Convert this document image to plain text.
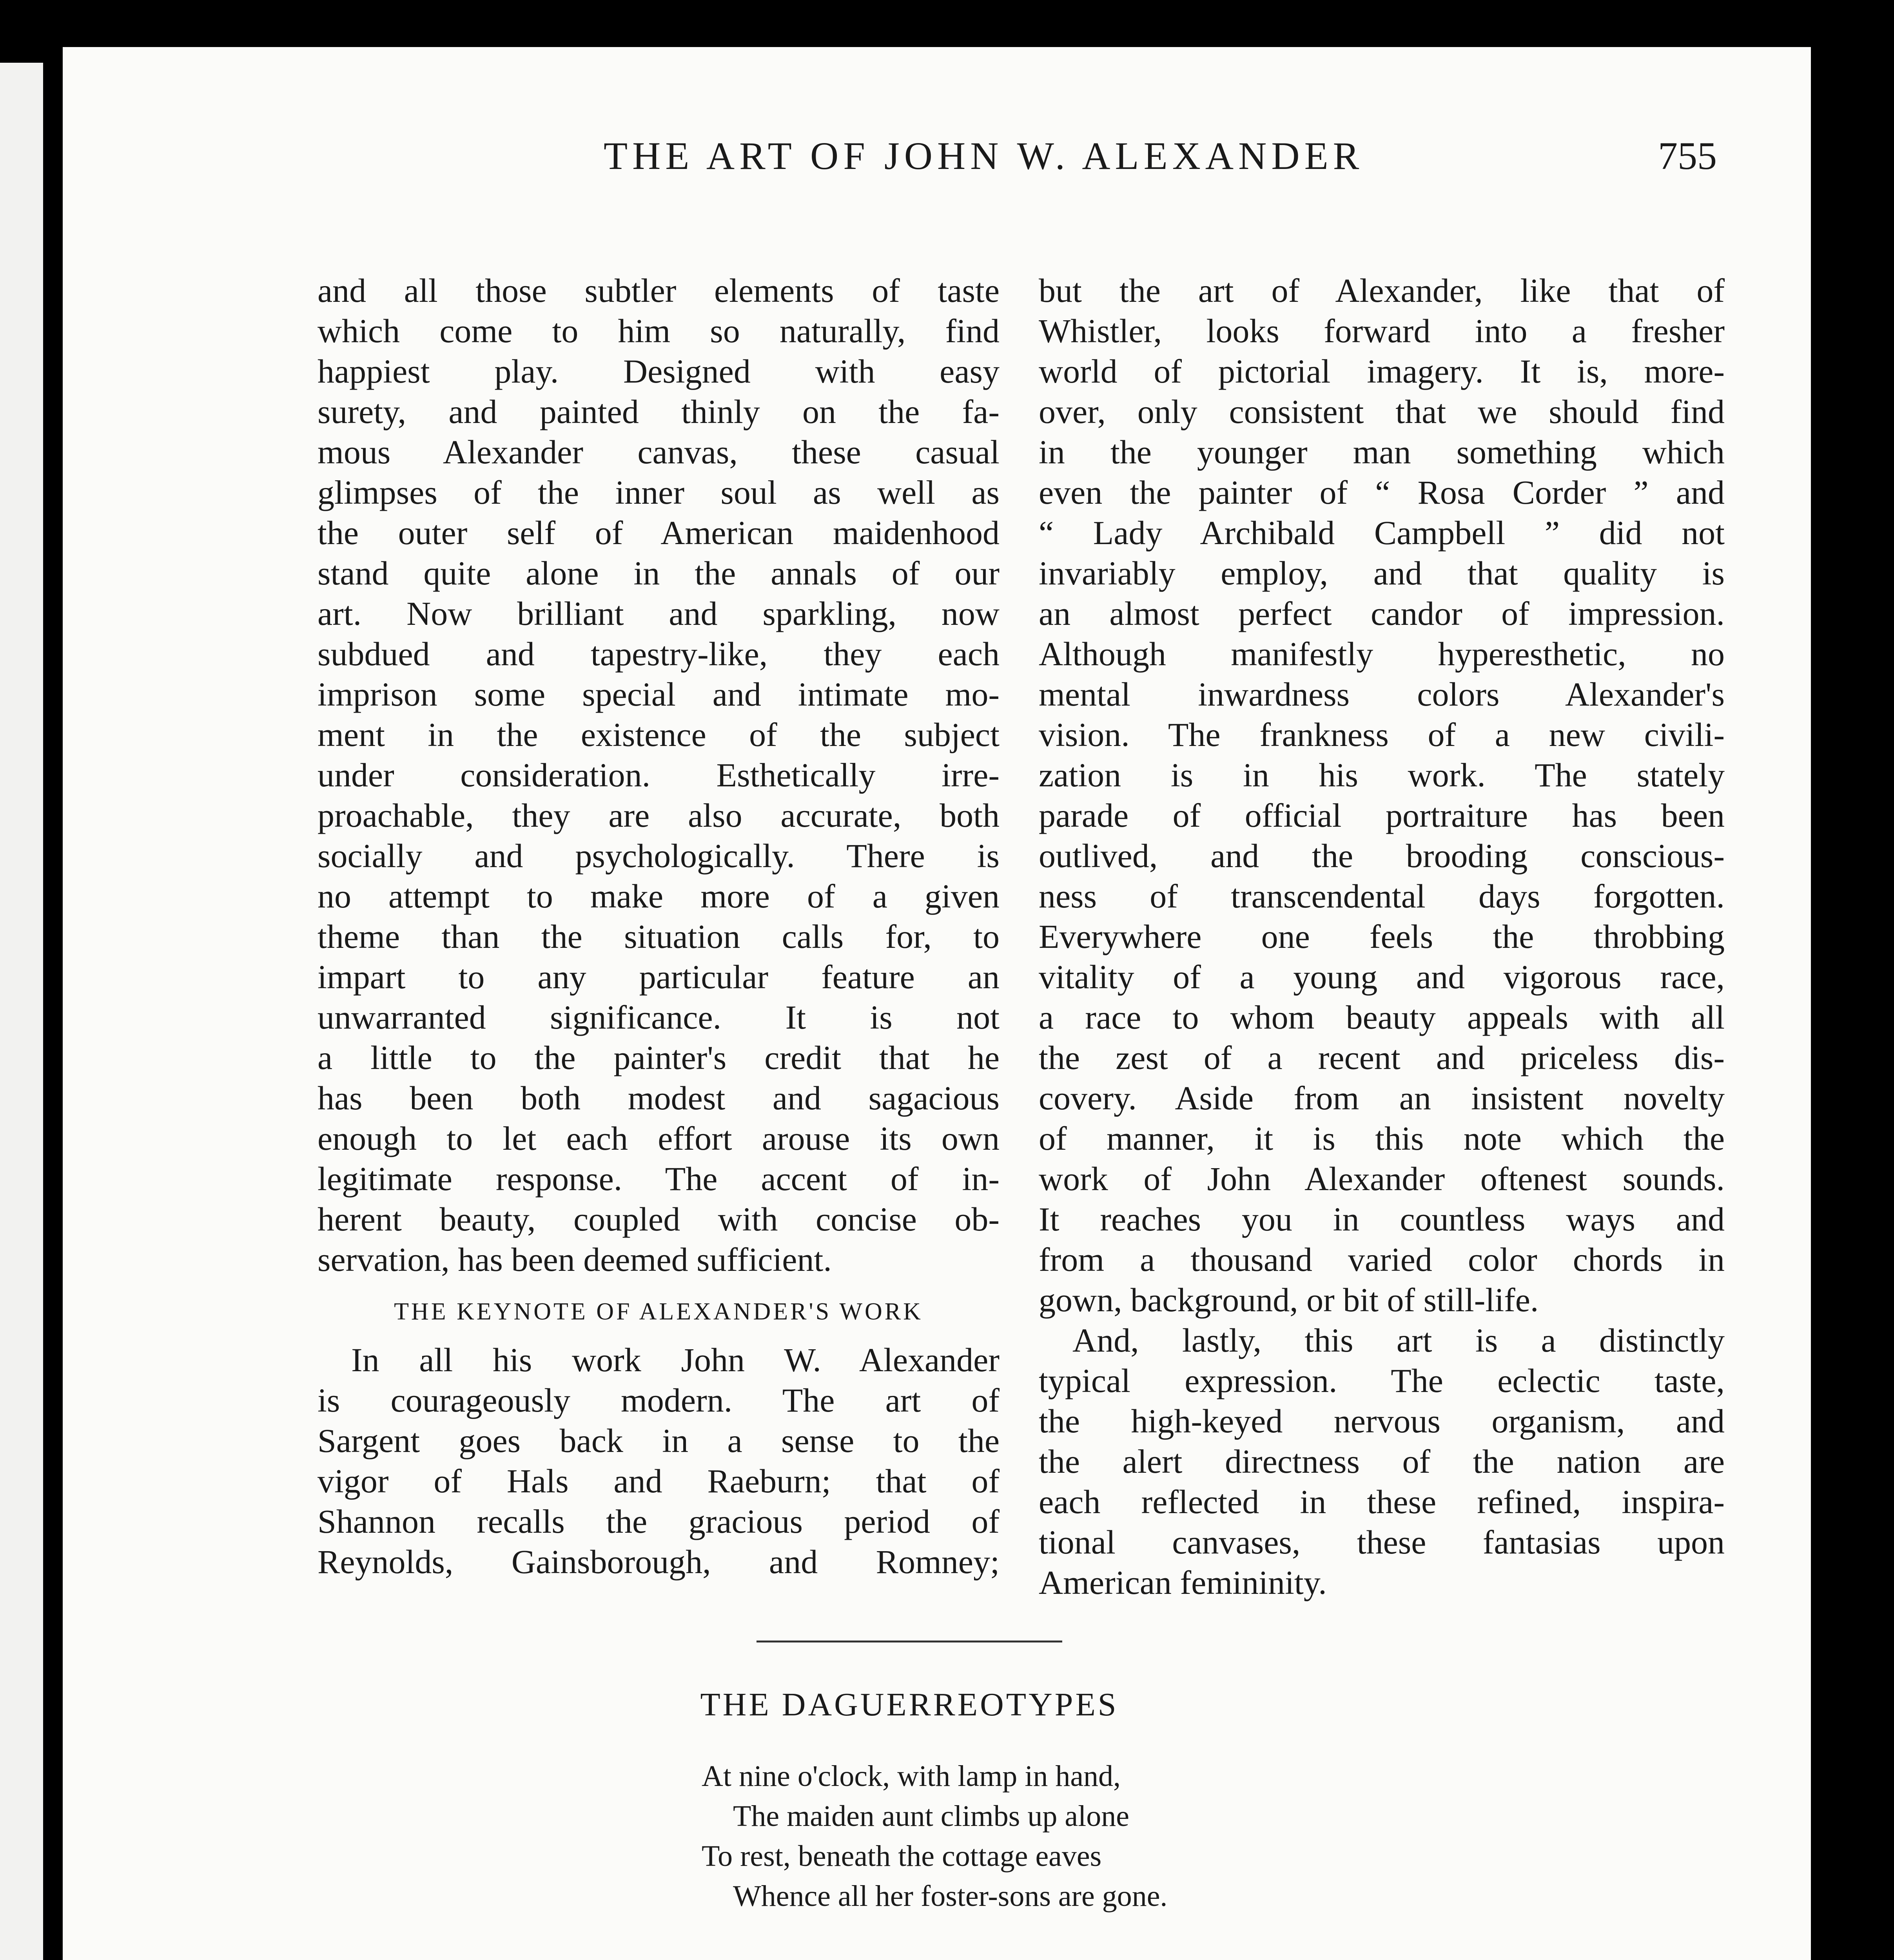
THE ART OF JOHN W. ALEXANDER	755
and all those subtler elements of taste
which come to him so naturally, find
happiest play. Designed with easy
surety, and painted thinly on the fa-
mous Alexander canvas, these casual
glimpses of the inner soul as well as
the outer self of American maidenhood
stand quite alone in the annals of our
art. Now brilliant and sparkling, now
subdued and tapestry-like, they each
imprison some special and intimate mo-
ment in the existence of the subject
under consideration. Esthetically irre-
proachable, they are also accurate, both
socially and psychologically. There is
no attempt to make more of a given
theme than the situation calls for, to
impart to any particular feature an
unwarranted significance. It is not
a little to the painter's credit that he
has been both modest and sagacious
enough to let each effort arouse its own
legitimate response. The accent of in-
herent beauty, coupled with concise ob-
servation, has been deemed sufficient.
THE KEYNOTE OF ALEXANDER'S WORK
In all his work John W. Alexander
is courageously modern. The art of
Sargent goes back in a sense to the
vigor of Hals and Raeburn; that of
Shannon recalls the gracious period of
Reynolds, Gainsborough, and Romney;
but the art of Alexander, like that of
Whistler, looks forward into a fresher
world of pictorial imagery. It is, more-
over, only consistent that we should find
in the younger man something which
even the painter of “ Rosa Corder ” and
“ Lady Archibald Campbell ” did not
invariably employ, and that quality is
an almost perfect candor of impression.
Although manifestly hyperesthetic, no
mental inwardness colors Alexander's
vision. The frankness of a new civili-
zation is in his work. The stately
parade of official portraiture has been
outlived, and the brooding conscious-
ness of transcendental days forgotten.
Everywhere one feels the throbbing
vitality of a young and vigorous race,
a race to whom beauty appeals with all
the zest of a recent and priceless dis-
covery. Aside from an insistent novelty
of manner, it is this note which the
work of John Alexander oftenest sounds.
It reaches you in countless ways and
from a thousand varied color chords in
gown, background, or bit of still-life.
And, lastly, this art is a distinctly
typical expression. The eclectic taste,
the high-keyed nervous organism, and
the alert directness of the nation are
each reflected in these refined, inspira-
tional canvases, these fantasias upon
American femininity.
THE DAGUERREOTYPES
At nine o'clock, with lamp in hand,
The maiden aunt climbs up alone
To rest, beneath the cottage eaves
Whence all her foster-sons are gone.
